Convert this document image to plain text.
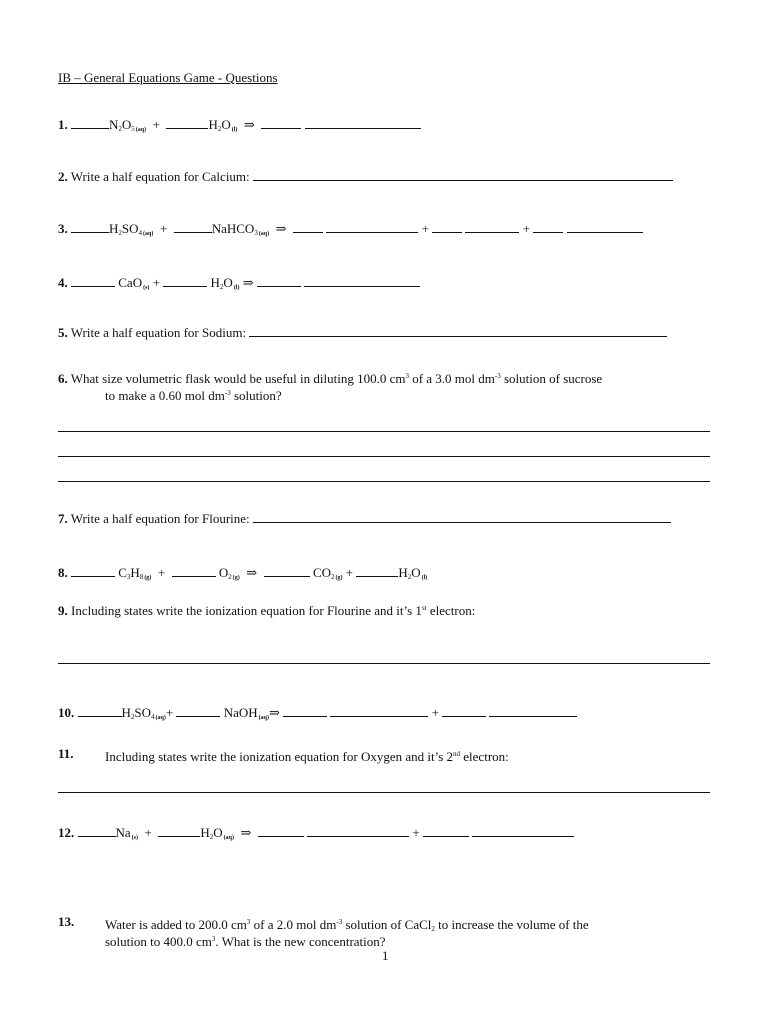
IB – General Equations Game - Questions
1.	$N_2O_5(aq)$ +	$H_2O(l)$ ⇒
2. Write a half equation for Calcium:
3.	$H_2SO_4(aq)$ +	NaHCO$_3$(aq) ⇒	+	+
4.	CaO(s) +	$H_2O(l)$ ⇒
5. Write a half equation for Sodium:
6. What size volumetric flask would be useful in diluting 100.0 $cm^3$ of a 3.0 mol $dm^{-3}$ solution of sucrose
to make a 0.60 mol $dm^{-3}$ solution?
7. Write a half equation for Flourine:
8.	$C_3H_8(g)$ +	$O_2(g)$ ⇒	$CO_2(g)$ +	$H_2O(l)$
9. Including states write the ionization equation for Flourine and it’s 1st electron:
10.	$H_2SO_4(aq)+$	NaOH(aq)⇒	+
11. Including states write the ionization equation for Oxygen and it’s 2nd electron:
12.	Na(s) +	$H_2O(aq)$ ⇒	+
13. Water is added to 200.0 $cm^3$ of a 2.0 mol $dm^{-3}$ solution of CaCl$_2$ to increase the volume of the
solution to 400.0 $cm^3$. What is the new concentration?
1
